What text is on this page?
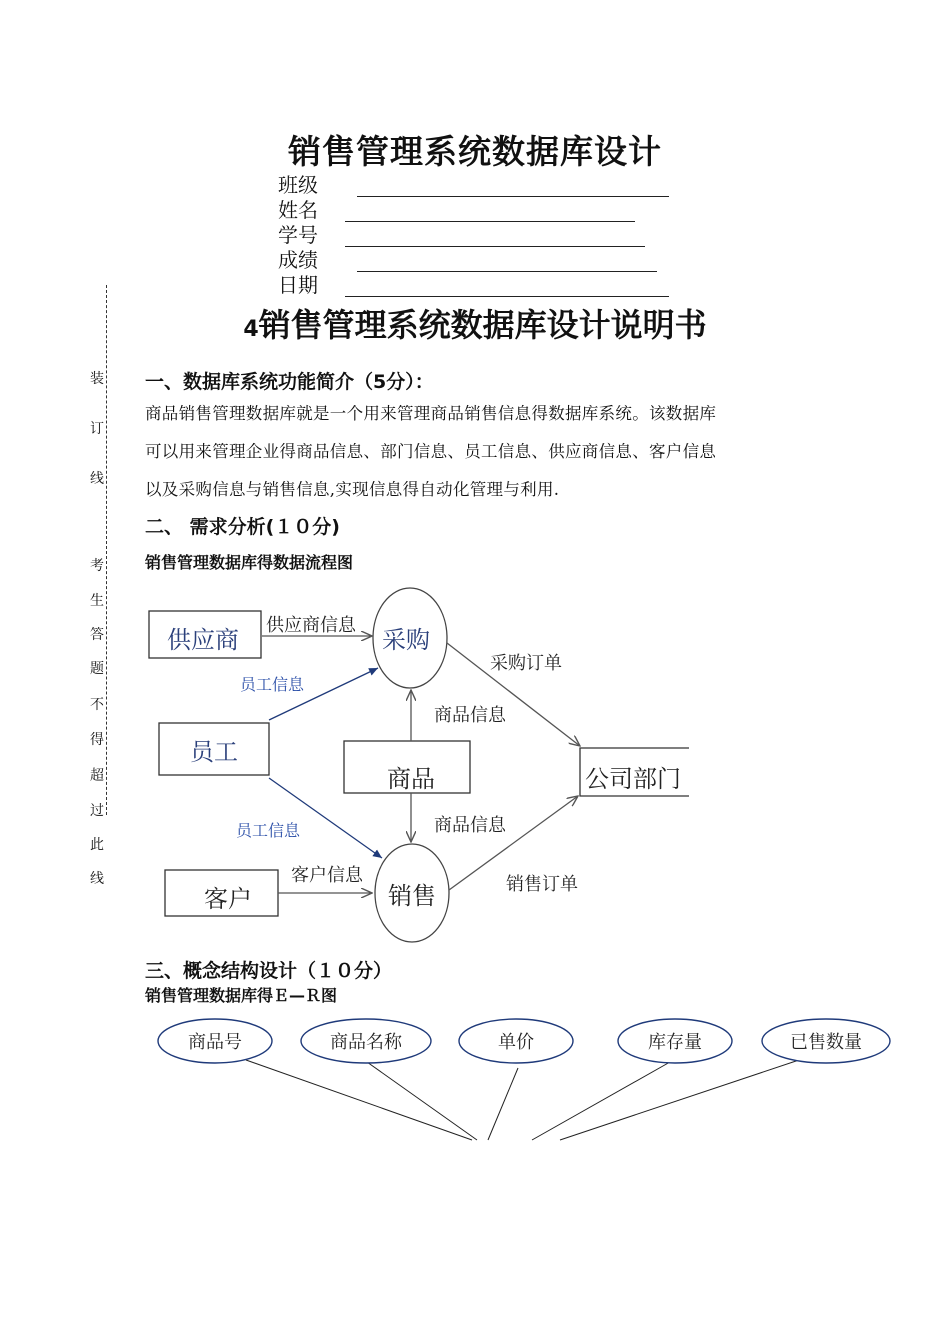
销售管理系统数据库设计
班级
姓名
学号
成绩
日期
4销售管理系统数据库设计说明书
装
订
线
考
生
答
题
不
得
超
过
此
线
一、数据库系统功能简介（5分）：
商品销售管理数据库就是一个用来管理商品销售信息得数据库系统。该数据库
可以用来管理企业得商品信息、部门信息、员工信息、供应商信息、客户信息
以及采购信息与销售信息,实现信息得自动化管理与利用.
二、 需求分析(１０分)
销售管理数据库得数据流程图
供应商
员工
商品
客户
公司部门
采购
销售
供应商信息
员工信息
员工信息
商品信息
商品信息
客户信息
采购订单
销售订单
商品号	商品名称	单价	库存量	已售数量
三、概念结构设计（１０分）
销售管理数据库得Ｅ—Ｒ图
